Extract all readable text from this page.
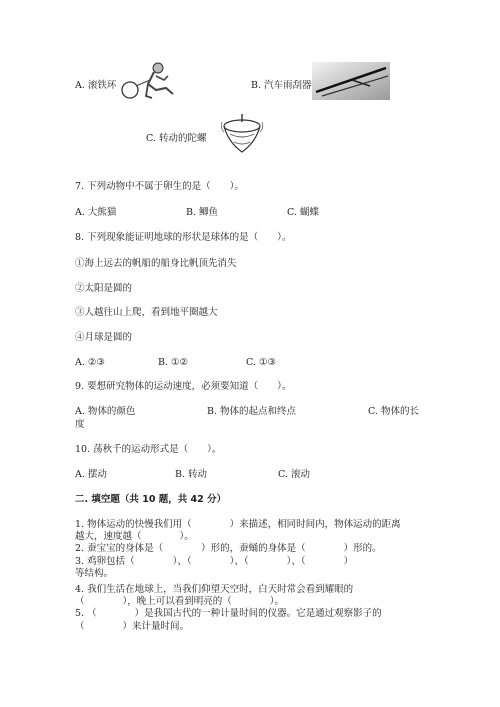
A. 滚铁环	B. 汽车雨刮器
C. 转动的陀螺
7. 下列动物中不属于卵生的是（　　）。
A. 大熊猫	B. 鲫鱼	C. 蝴蝶
8. 下列现象能证明地球的形状是球体的是（　　）。
①海上远去的帆船的船身比帆顶先消失
②太阳是圆的
③人越往山上爬，看到地平圈越大
④月球是圆的
A. ②③	B. ①②	C. ①③
9. 要想研究物体的运动速度，必须要知道（　　）。
A. 物体的颜色	B. 物体的起点和终点	C. 物体的长
度
10. 荡秋千的运动形式是（　　）。
A. 摆动	B. 转动	C. 滚动
二. 填空题（共 10 题，共 42 分）
1. 物体运动的快慢我们用（　　　　）来描述，相同时间内，物体运动的距离
越大，速度越（　　　　）。
2. 蚕宝宝的身体是（　　　　）形的，蚕蛹的身体是（　　　　）形的。
3. 鸡卵包括（　　　　）、（　　　　）、（　　　　）、（　　　　）
等结构。
4. 我们生活在地球上，当我们仰望天空时，白天时常会看到耀眼的
（　　　　），晚上可以看到明亮的（　　　　）。
5. （　　　　）是我国古代的一种计量时间的仪器。它是通过观察影子的
（　　　　）来计量时间。
